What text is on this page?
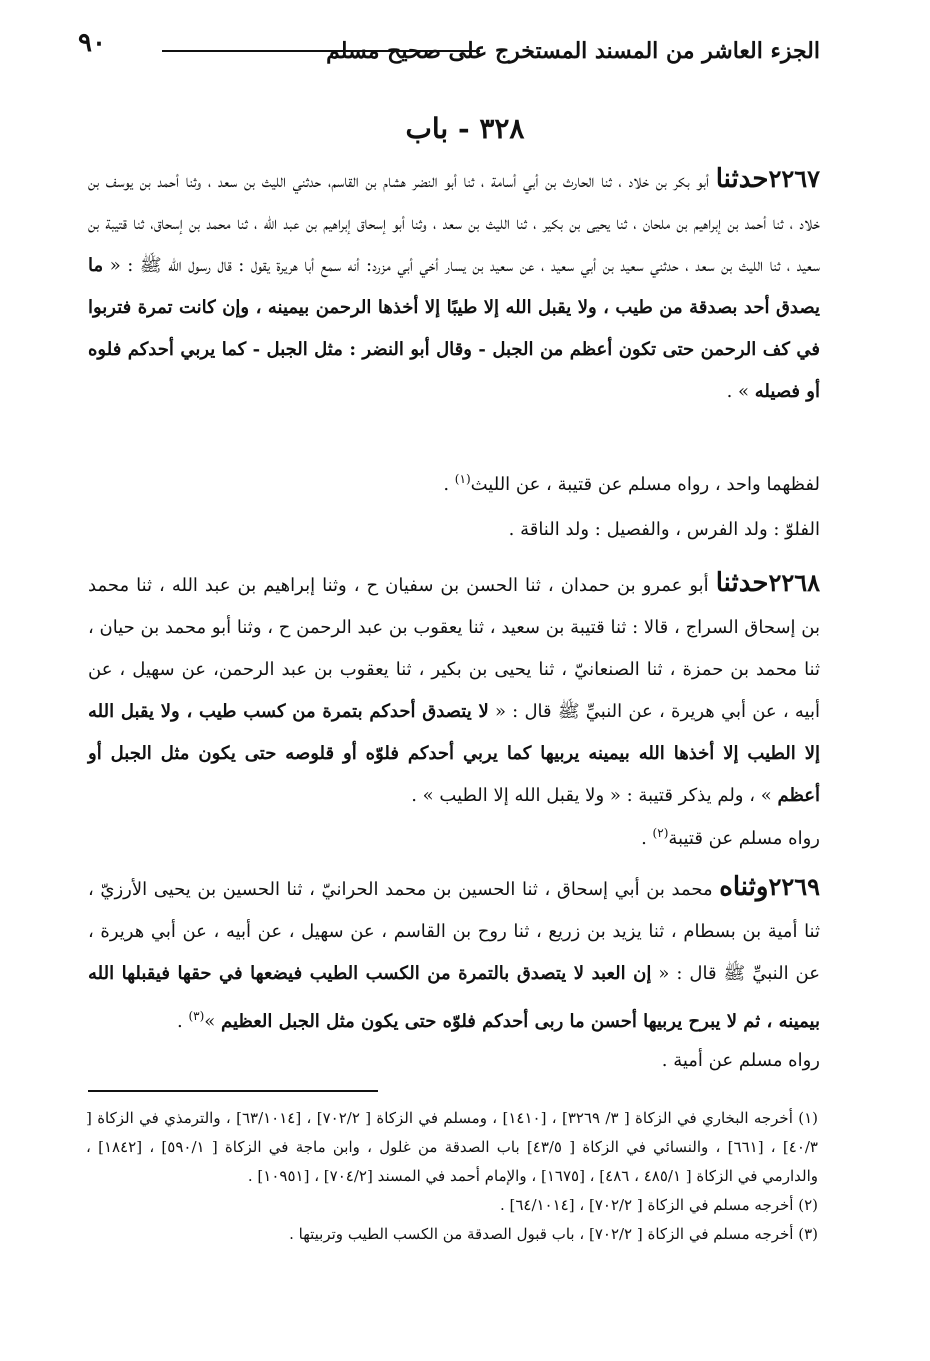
الجزء العاشر من المسند المستخرج على صحيح مسلم
٩٠
٣٢٨ - باب
٢٢٦٧حدثنا أبو بكر بن خلاد ، ثنا الحارث بن أبي أسامة ، ثنا أبو النضر هشام بن القاسم، حدثني الليث بن سعد ، وثنا أحمد بن يوسف بن خلاد ، ثنا أحمد بن إبراهيم بن ملحان ، ثنا يحيى بن بكير ، ثنا الليث بن سعد ، وثنا أبو إسحاق إبراهيم بن عبد الله ، ثنا محمد بن إسحاق، ثنا قتيبة بن سعيد ، ثنا الليث بن سعد ، حدثني سعيد بن أبي سعيد ، عن سعيد بن يسار أخي أبي مزرد: أنه سمع أبا هريرة يقول : قال رسول الله ﷺ : « ما يصدق أحد بصدقة من طيب ، ولا يقبل الله إلا طيبًا إلا أخذها الرحمن بيمينه ، وإن كانت تمرة فتربوا في كف الرحمن حتى تكون أعظم من الجبل - وقال أبو النضر : مثل الجبل - كما يربي أحدكم فلوه أو فصيله » .
لفظهما واحد ، رواه مسلم عن قتيبة ، عن الليث$^{(١)}$ .
الفلوّ : ولد الفرس ، والفصيل : ولد الناقة .
٢٢٦٨حدثنا أبو عمرو بن حمدان ، ثنا الحسن بن سفيان ح ، وثنا إبراهيم بن عبد الله ، ثنا محمد بن إسحاق السراج ، قالا : ثنا قتيبة بن سعيد ، ثنا يعقوب بن عبد الرحمن ح ، وثنا أبو محمد بن حيان ، ثنا محمد بن حمزة ، ثنا الصنعانيّ ، ثنا يحيى بن بكير ، ثنا يعقوب بن عبد الرحمن، عن سهيل ، عن أبيه ، عن أبي هريرة ، عن النبيِّ ﷺ قال : « لا يتصدق أحدكم بتمرة من كسب طيب ، ولا يقبل الله إلا الطيب إلا أخذها الله بيمينه يربيها كما يربي أحدكم فلوّه أو قلوصه حتى يكون مثل الجبل أو أعظم » ، ولم يذكر قتيبة : « ولا يقبل الله إلا الطيب » .
رواه مسلم عن قتيبة$^{(٢)}$ .
٢٢٦٩وثناه محمد بن أبي إسحاق ، ثنا الحسين بن محمد الحرانيّ ، ثنا الحسين بن يحيى الأرزيّ ، ثنا أمية بن بسطام ، ثنا يزيد بن زريع ، ثنا روح بن القاسم ، عن سهيل ، عن أبيه ، عن أبي هريرة ، عن النبيِّ ﷺ قال : « إن العبد لا يتصدق بالتمرة من الكسب الطيب فيضعها في حقها فيقبلها الله بيمينه ، ثم لا يبرح يربيها أحسن ما ربى أحدكم فلوّه حتى يكون مثل الجبل العظيم »$^{(٣)}$ .
رواه مسلم عن أمية .
(١) أخرجه البخاري في الزكاة [ ٣/ ٣٢٦٩] ، [١٤١٠] ، ومسلم في الزكاة [ ٧٠٢/٢] ، [٦٣/١٠١٤] ، والترمذي في الزكاة [ ٤٠/٣] ، [٦٦١] ، والنسائي في الزكاة [ ٤٣/٥] باب الصدقة من غلول ، وابن ماجة في الزكاة [ ٥٩٠/١] ، [١٨٤٢] ، والدارمي في الزكاة [ ٤٨٥/١ ، ٤٨٦] ، [١٦٧٥] ، والإمام أحمد في المسند [٧٠٤/٢] ، [١٠٩٥١] .
(٢) أخرجه مسلم في الزكاة [ ٧٠٢/٢] ، [٦٤/١٠١٤] .
(٣) أخرجه مسلم في الزكاة [ ٧٠٢/٢] ، باب قبول الصدقة من الكسب الطيب وتربيتها .
